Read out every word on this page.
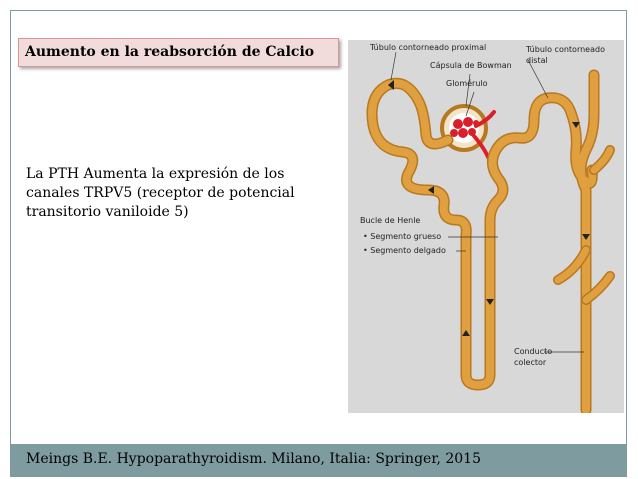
Aumento en la reabsorción de Calcio
La PTH Aumenta la expresión de los
canales TRPV5 (receptor de potencial
transitorio vaniloide 5)
Túbulo contorneado proximal
Cápsula de Bowman
Glomérulo
Túbulo contorneado
distal
Bucle de Henle
• Segmento grueso
• Segmento delgado
Conducto
colector
Meings B.E. Hypoparathyroidism. Milano, Italia: Springer, 2015
